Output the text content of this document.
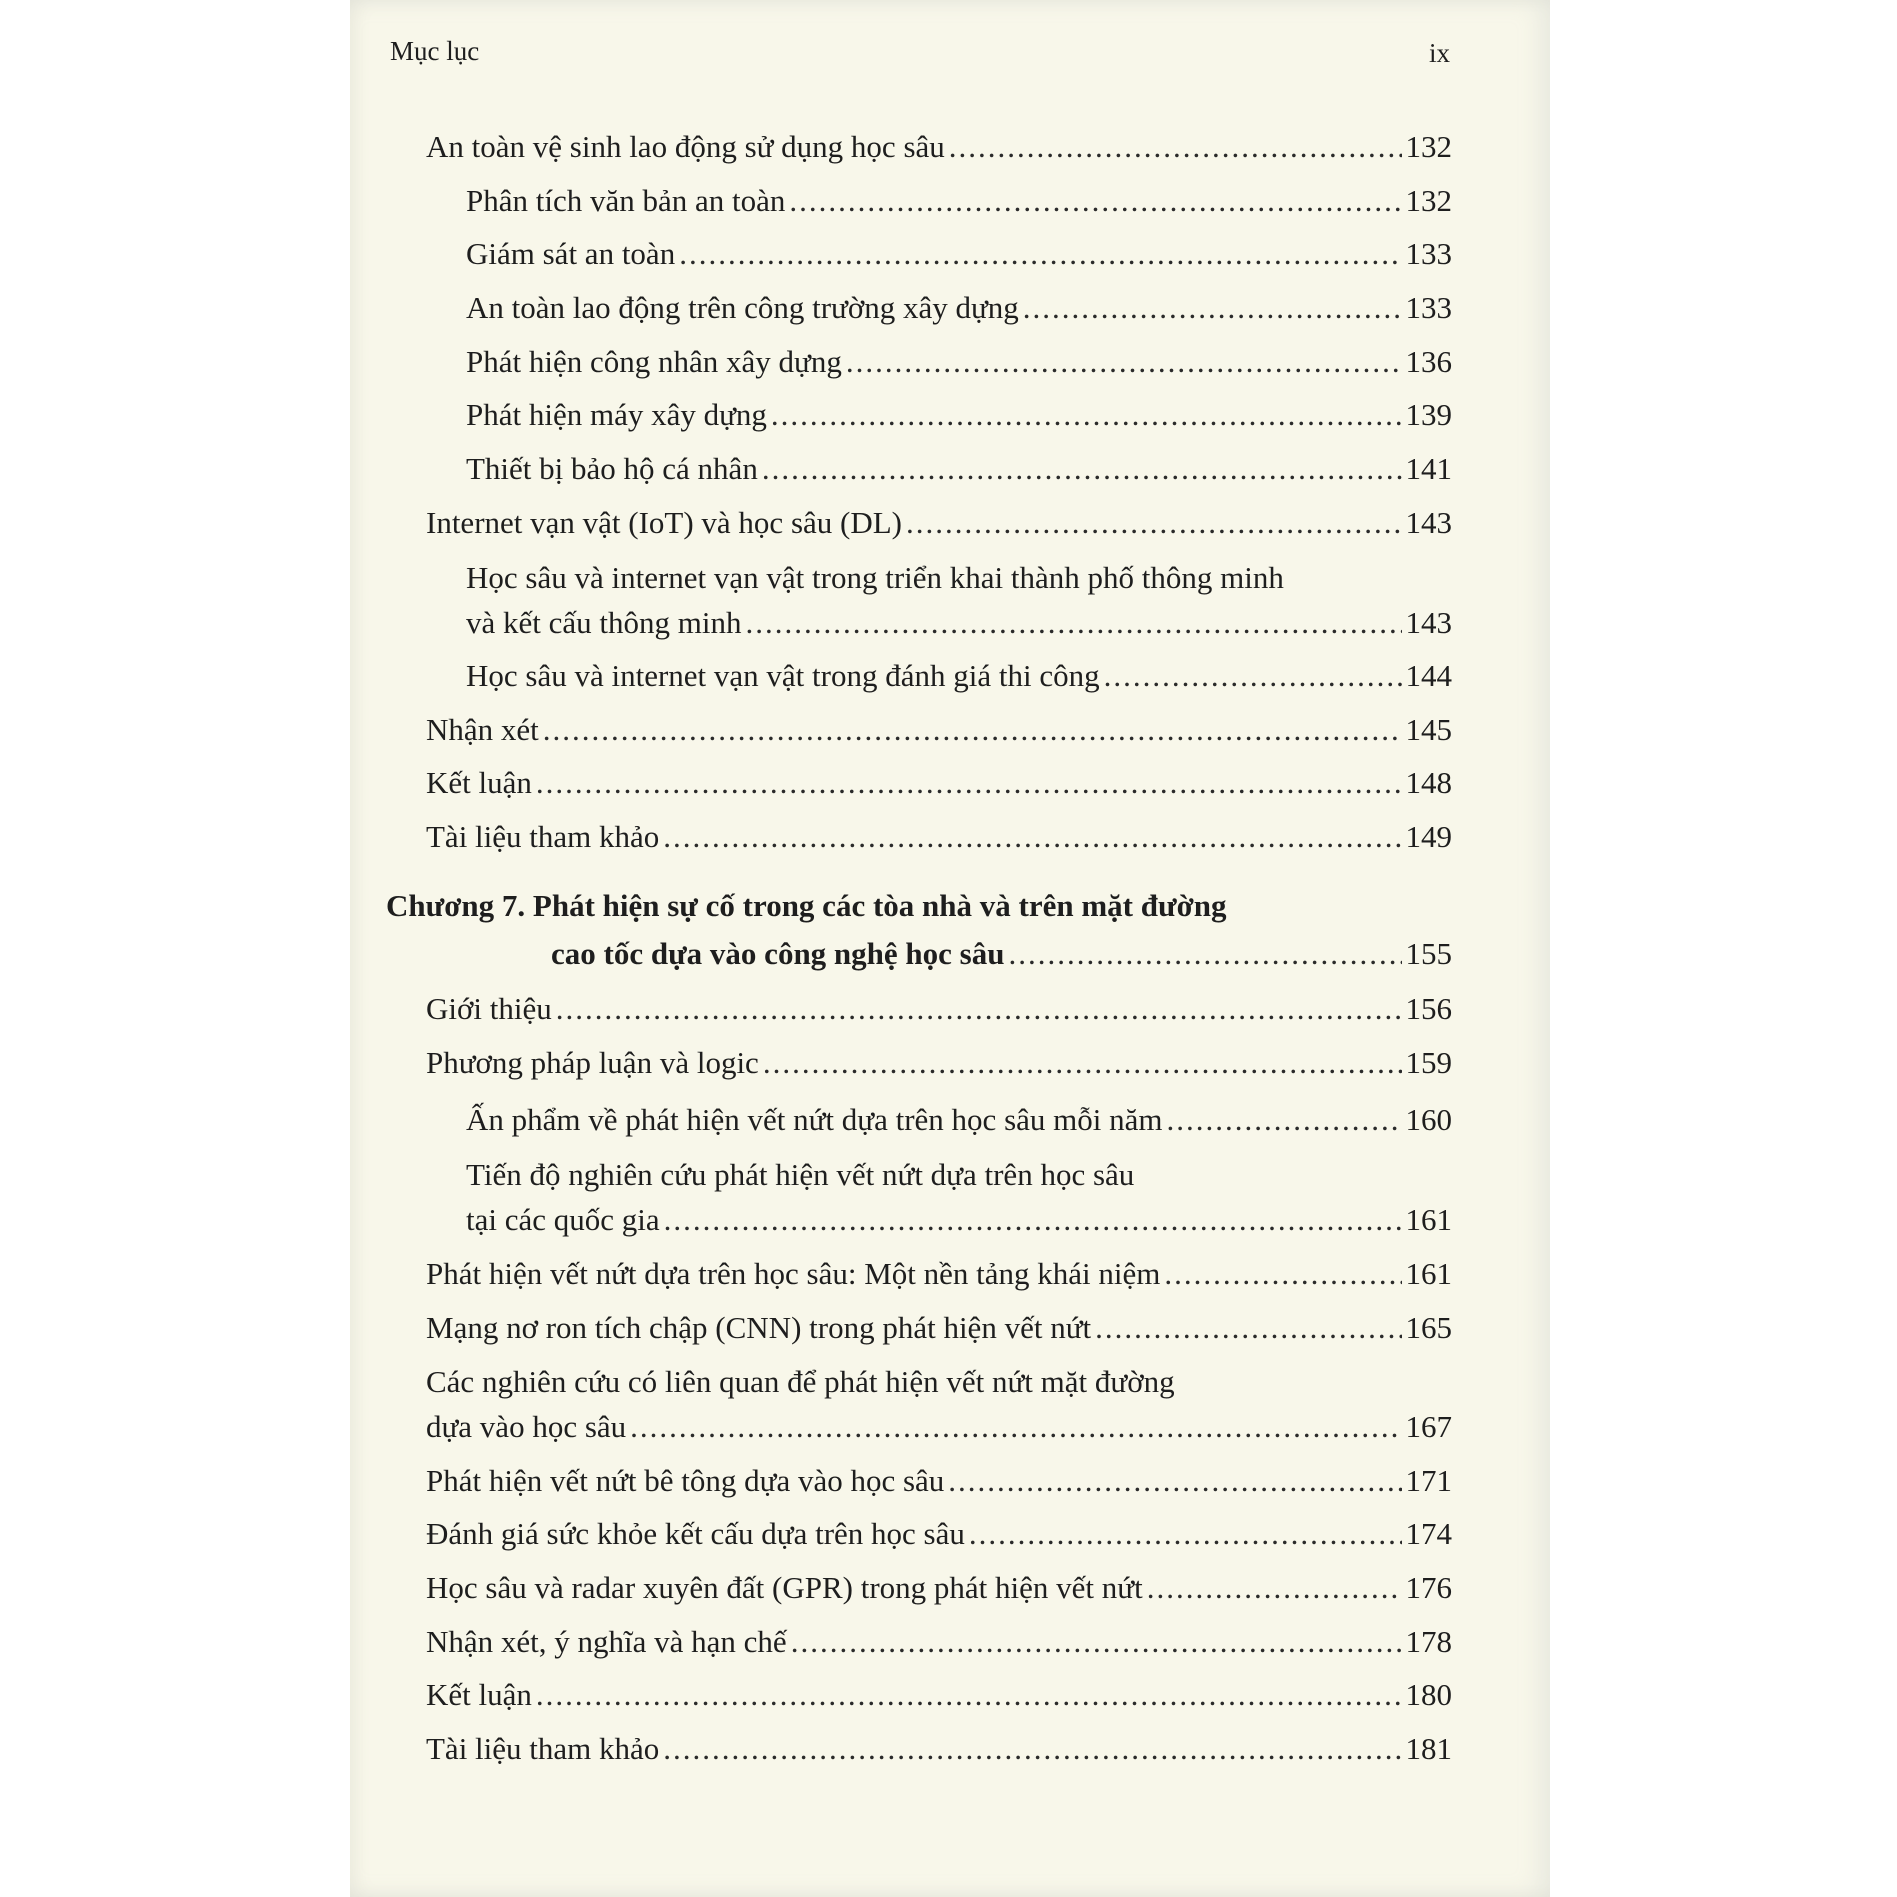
Mục lục	ix
An toàn vệ sinh lao động sử dụng học sâu .....	132
Phân tích văn bản an toàn .....	132
Giám sát an toàn .....	133
An toàn lao động trên công trường xây dựng .....	133
Phát hiện công nhân xây dựng .....	136
Phát hiện máy xây dựng .....	139
Thiết bị bảo hộ cá nhân .....	141
Internet vạn vật (IoT) và học sâu (DL) .....	143
Học sâu và internet vạn vật trong triển khai thành phố thông minh
và kết cấu thông minh .....	143
Học sâu và internet vạn vật trong đánh giá thi công .....	144
Nhận xét .....	145
Kết luận .....	148
Tài liệu tham khảo .....	149
Chương 7. Phát hiện sự cố trong các tòa nhà và trên mặt đường
cao tốc dựa vào công nghệ học sâu .....	155
Giới thiệu .....	156
Phương pháp luận và logic .....	159
Ấn phẩm về phát hiện vết nứt dựa trên học sâu mỗi năm .....	160
Tiến độ nghiên cứu phát hiện vết nứt dựa trên học sâu
tại các quốc gia .....	161
Phát hiện vết nứt dựa trên học sâu: Một nền tảng khái niệm .....	161
Mạng nơ ron tích chập (CNN) trong phát hiện vết nứt .....	165
Các nghiên cứu có liên quan để phát hiện vết nứt mặt đường
dựa vào học sâu .....	167
Phát hiện vết nứt bê tông dựa vào học sâu .....	171
Đánh giá sức khỏe kết cấu dựa trên học sâu .....	174
Học sâu và radar xuyên đất (GPR) trong phát hiện vết nứt .....	176
Nhận xét, ý nghĩa và hạn chế .....	178
Kết luận .....	180
Tài liệu tham khảo .....	181
